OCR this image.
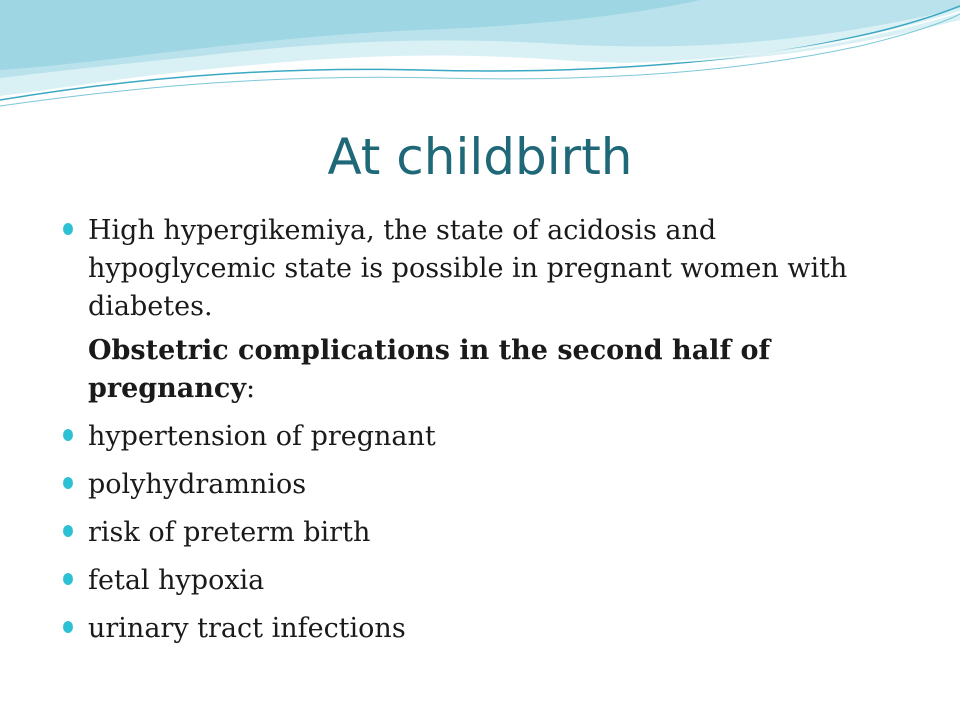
At childbirth
High hypergikemiya, the state of acidosis and hypoglycemic state is possible in pregnant women with diabetes.
Obstetric complications in the second half of pregnancy:
hypertension of pregnant
polyhydramnios
risk of preterm birth
fetal hypoxia
urinary tract infections
